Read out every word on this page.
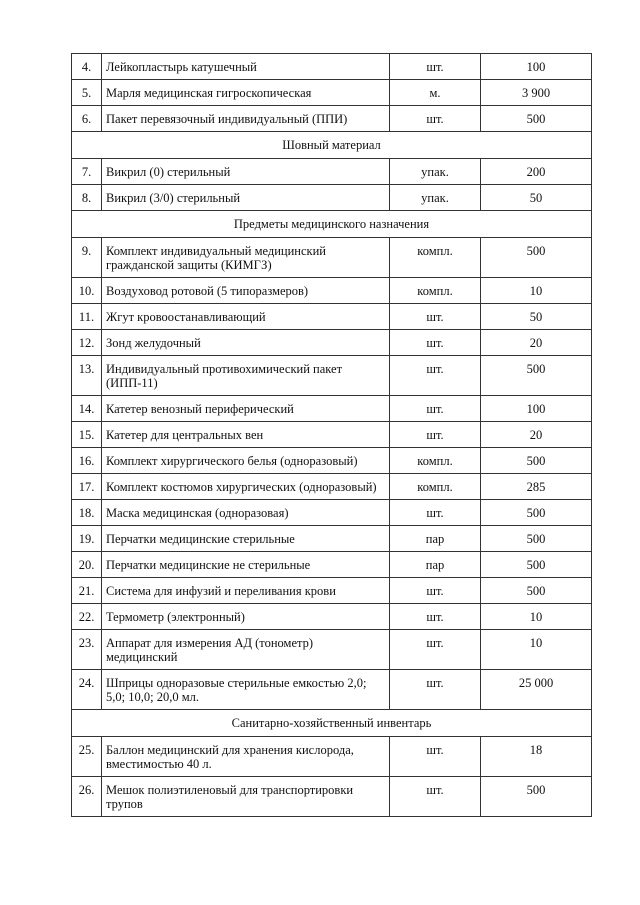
4.	Лейкопластырь катушечный	шт.	100
5.	Марля медицинская гигроскопическая	м.	3 900
6.	Пакет перевязочный индивидуальный (ППИ)	шт.	500
Шовный материал			
7.	Викрил (0) стерильный	упак.	200
8.	Викрил (3/0) стерильный	упак.	50
Предметы медицинского назначения			
9.	Комплект индивидуальный медицинский гражданской защиты (КИМГЗ)	компл.	500
10.	Воздуховод ротовой (5 типоразмеров)	компл.	10
11.	Жгут кровоостанавливающий	шт.	50
12.	Зонд желудочный	шт.	20
13.	Индивидуальный противохимический пакет (ИПП-11)	шт.	500
14.	Катетер венозный периферический	шт.	100
15.	Катетер для центральных вен	шт.	20
16.	Комплект хирургического белья (одноразовый)	компл.	500
17.	Комплект костюмов хирургических (одноразовый)	компл.	285
18.	Маска медицинская (одноразовая)	шт.	500
19.	Перчатки медицинские стерильные	пар	500
20.	Перчатки медицинские не стерильные	пар	500
21.	Система для инфузий и переливания крови	шт.	500
22.	Термометр (электронный)	шт.	10
23.	Аппарат для измерения АД (тонометр) медицинский	шт.	10
24.	Шприцы одноразовые стерильные емкостью 2,0; 5,0; 10,0; 20,0 мл.	шт.	25 000
Санитарно-хозяйственный инвентарь			
25.	Баллон медицинский для хранения кислорода, вместимостью 40 л.	шт.	18
26.	Мешок полиэтиленовый для транспортировки трупов	шт.	500
